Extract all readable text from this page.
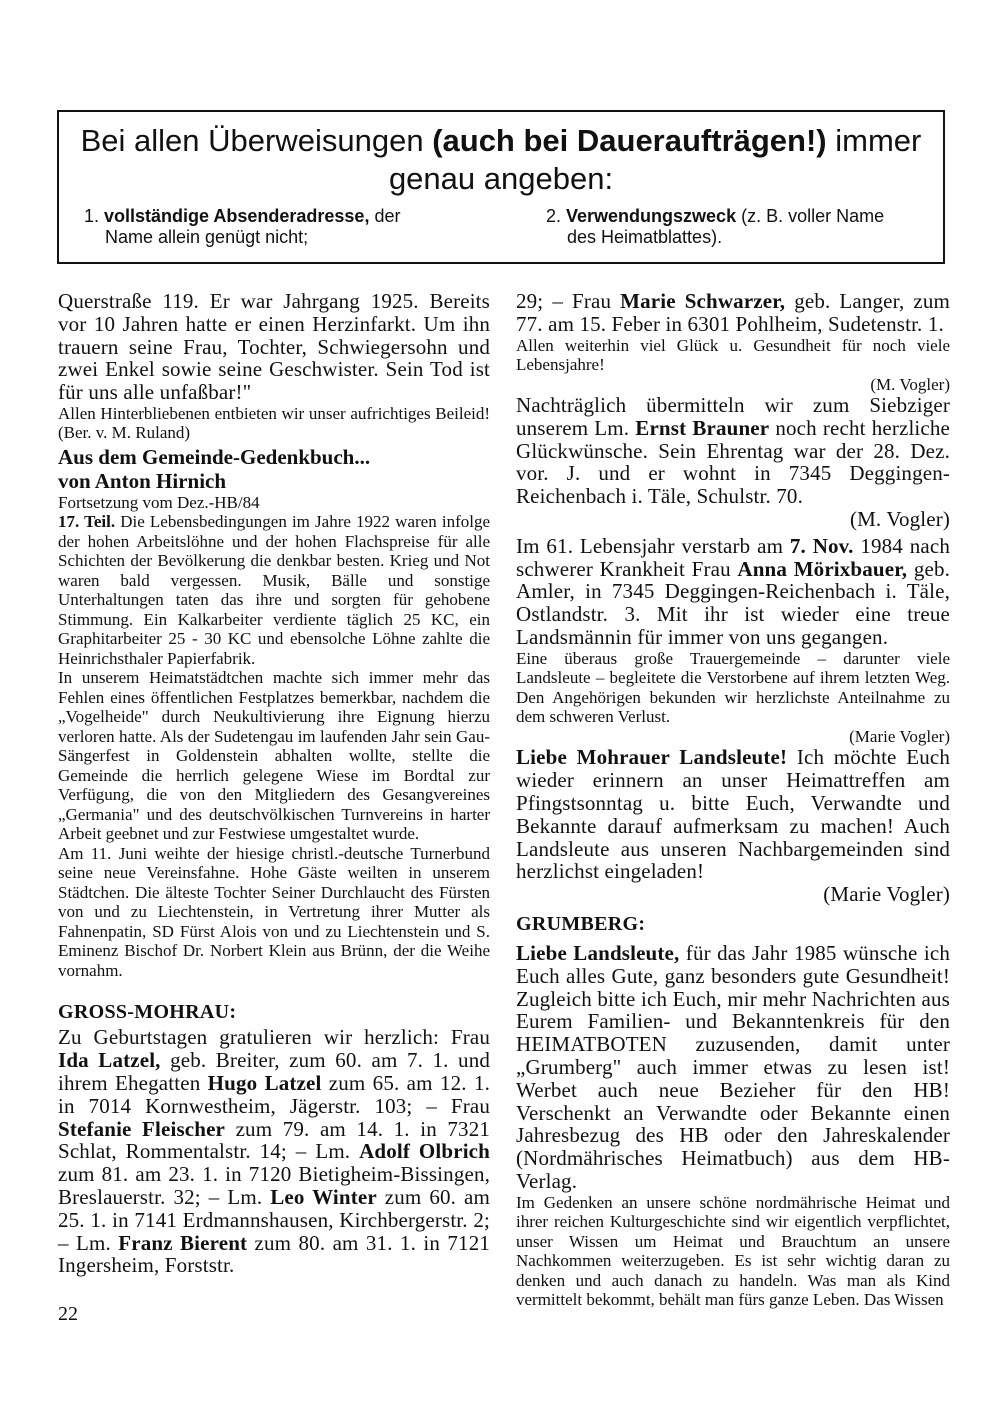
Bei allen Überweisungen (auch bei Daueraufträgen!) immer
genau angeben:
1. vollständige Absenderadresse, der
Name allein genügt nicht;
2. Verwendungszweck (z. B. voller Name
des Heimatblattes).

Querstraße 119. Er war Jahrgang 1925. Bereits vor 10 Jahren hatte er einen Herzinfarkt. Um ihn trauern seine Frau, Tochter, Schwiegersohn und zwei Enkel sowie seine Geschwister. Sein Tod ist für uns alle unfaßbar!"

Allen Hinterbliebenen entbieten wir unser aufrichtiges Beileid! (Ber. v. M. Ruland)

Aus dem Gemeinde-Gedenkbuch...

von Anton Hirnich

Fortsetzung vom Dez.-HB/84

17. Teil. Die Lebensbedingungen im Jahre 1922 waren infolge der hohen Arbeitslöhne und der hohen Flachspreise für alle Schichten der Bevölkerung die denkbar besten. Krieg und Not waren bald vergessen. Musik, Bälle und sonstige Unterhaltungen taten das ihre und sorgten für gehobene Stimmung. Ein Kalkarbeiter verdiente täglich 25 KC, ein Graphitarbeiter 25 - 30 KC und ebensolche Löhne zahlte die Heinrichsthaler Papierfabrik.

In unserem Heimatstädtchen machte sich immer mehr das Fehlen eines öffentlichen Festplatzes bemerkbar, nachdem die „Vogelheide" durch Neukultivierung ihre Eignung hierzu verloren hatte. Als der Sudetengau im laufenden Jahr sein Gau-Sängerfest in Goldenstein abhalten wollte, stellte die Gemeinde die herrlich gelegene Wiese im Bordtal zur Verfügung, die von den Mitgliedern des Gesangvereines „Germania" und des deutschvölkischen Turnvereins in harter Arbeit geebnet und zur Festwiese umgestaltet wurde.

Am 11. Juni weihte der hiesige christl.-deutsche Turnerbund seine neue Vereinsfahne. Hohe Gäste weilten in unserem Städtchen. Die älteste Tochter Seiner Durchlaucht des Fürsten von und zu Liechtenstein, in Vertretung ihrer Mutter als Fahnenpatin, SD Fürst Alois von und zu Liechtenstein und S. Eminenz Bischof Dr. Norbert Klein aus Brünn, der die Weihe vornahm.

GROSS-MOHRAU:

Zu Geburtstagen gratulieren wir herzlich: Frau Ida Latzel, geb. Breiter, zum 60. am 7. 1. und ihrem Ehegatten Hugo Latzel zum 65. am 12. 1. in 7014 Kornwestheim, Jägerstr. 103; – Frau Stefanie Fleischer zum 79. am 14. 1. in 7321 Schlat, Rommentalstr. 14; – Lm. Adolf Olbrich zum 81. am 23. 1. in 7120 Bietigheim-Bissingen, Breslauerstr. 32; – Lm. Leo Winter zum 60. am 25. 1. in 7141 Erdmannshausen, Kirchbergerstr. 2; – Lm. Franz Bierent zum 80. am 31. 1. in 7121 Ingersheim, Forststr.

29; – Frau Marie Schwarzer, geb. Langer, zum 77. am 15. Feber in 6301 Pohlheim, Sudetenstr. 1.

Allen weiterhin viel Glück u. Gesundheit für noch viele Lebensjahre!

(M. Vogler)

Nachträglich übermitteln wir zum Siebziger unserem Lm. Ernst Brauner noch recht herzliche Glückwünsche. Sein Ehrentag war der 28. Dez. vor. J. und er wohnt in 7345 Deggingen-Reichenbach i. Täle, Schulstr. 70.

(M. Vogler)

Im 61. Lebensjahr verstarb am 7. Nov. 1984 nach schwerer Krankheit Frau Anna Mörixbauer, geb. Amler, in 7345 Deggingen-Reichenbach i. Täle, Ostlandstr. 3. Mit ihr ist wieder eine treue Landsmännin für immer von uns gegangen.

Eine überaus große Trauergemeinde – darunter viele Landsleute – begleitete die Verstorbene auf ihrem letzten Weg. Den Angehörigen bekunden wir herzlichste Anteilnahme zu dem schweren Verlust.

(Marie Vogler)

Liebe Mohrauer Landsleute! Ich möchte Euch wieder erinnern an unser Heimattreffen am Pfingstsonntag u. bitte Euch, Verwandte und Bekannte darauf aufmerksam zu machen! Auch Landsleute aus unseren Nachbargemeinden sind herzlichst eingeladen!

(Marie Vogler)

GRUMBERG:

Liebe Landsleute, für das Jahr 1985 wünsche ich Euch alles Gute, ganz besonders gute Gesundheit! Zugleich bitte ich Euch, mir mehr Nachrichten aus Eurem Familien- und Bekanntenkreis für den HEIMATBOTEN zuzusenden, damit unter „Grumberg" auch immer etwas zu lesen ist! Werbet auch neue Bezieher für den HB! Verschenkt an Verwandte oder Bekannte einen Jahresbezug des HB oder den Jahreskalender (Nordmährisches Heimatbuch) aus dem HB-Verlag.

Im Gedenken an unsere schöne nordmährische Heimat und ihrer reichen Kulturgeschichte sind wir eigentlich verpflichtet, unser Wissen um Heimat und Brauchtum an unsere Nachkommen weiterzugeben. Es ist sehr wichtig daran zu denken und auch danach zu handeln. Was man als Kind vermittelt bekommt, behält man fürs ganze Leben. Das Wissen

22
